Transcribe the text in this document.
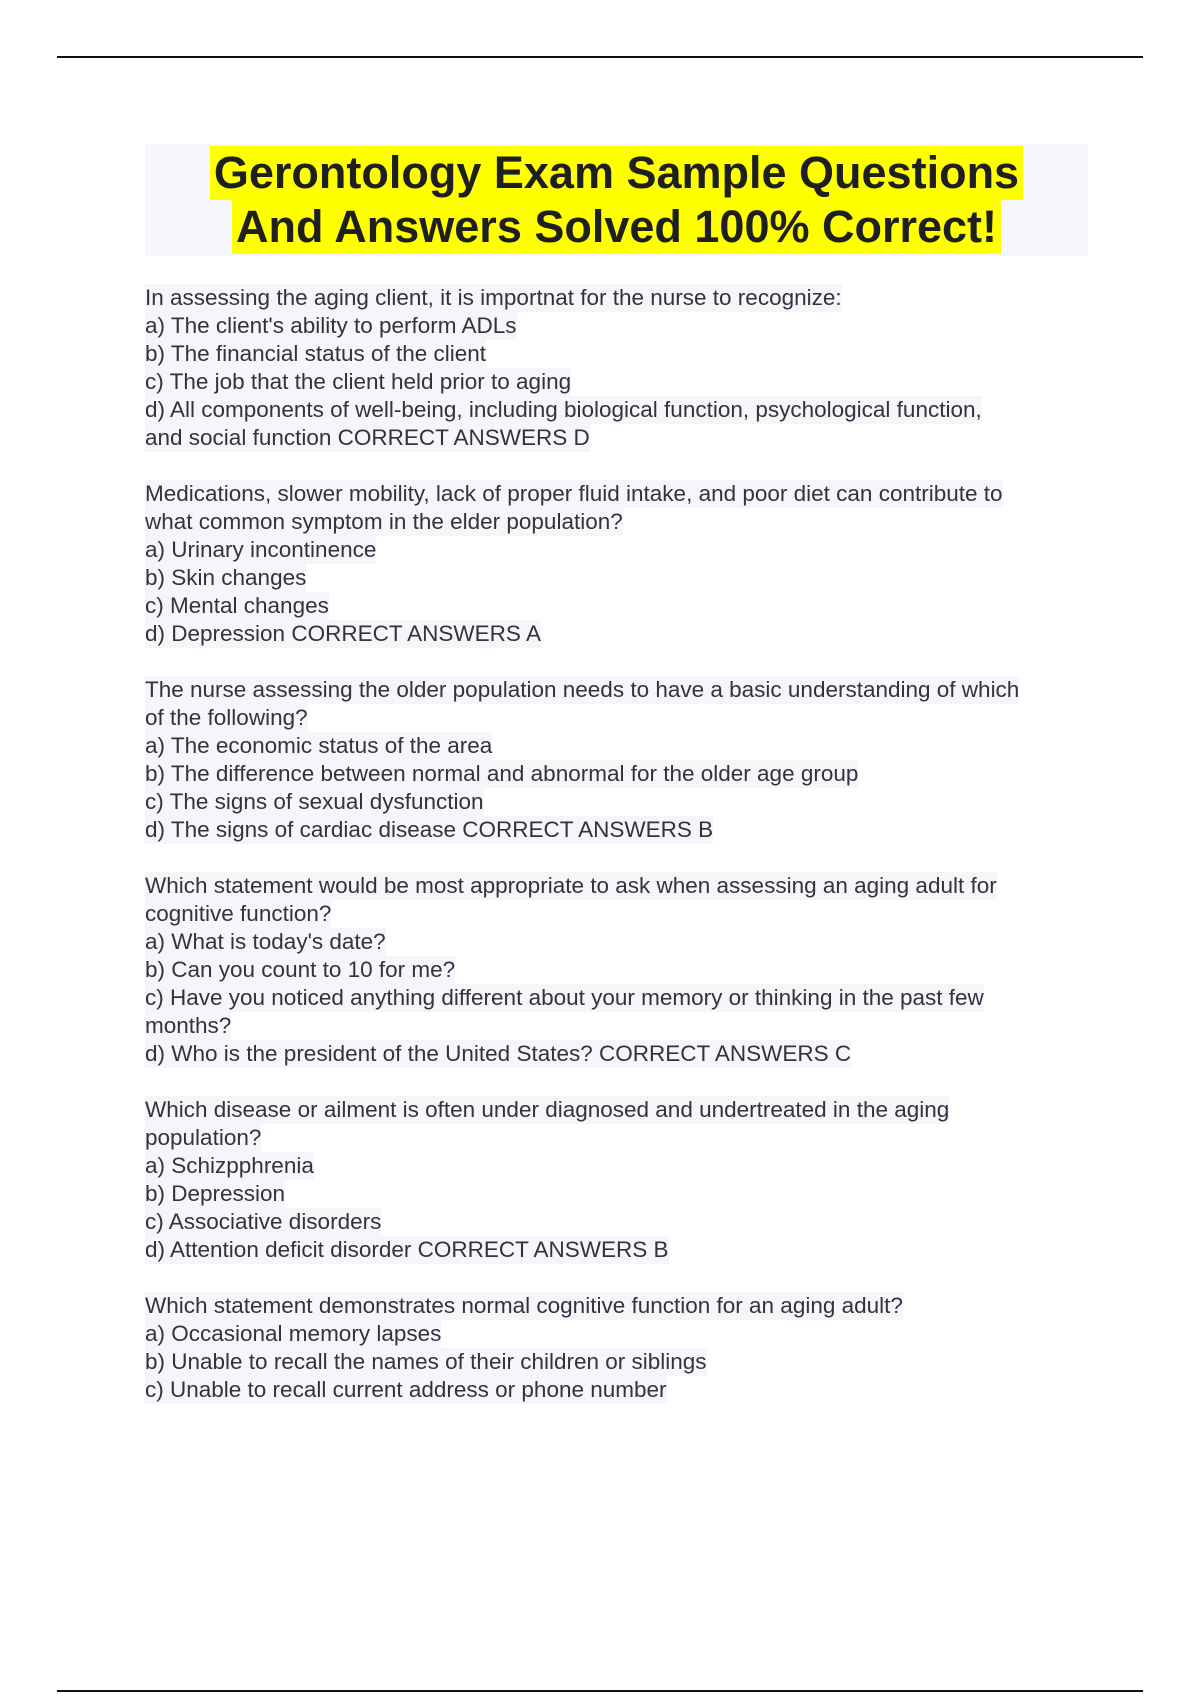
Gerontology Exam Sample Questions
And Answers Solved 100% Correct!
In assessing the aging client, it is importnat for the nurse to recognize:
a) The client's ability to perform ADLs
b) The financial status of the client
c) The job that the client held prior to aging
d) All components of well-being, including biological function, psychological function,
and social function CORRECT ANSWERS D
Medications, slower mobility, lack of proper fluid intake, and poor diet can contribute to
what common symptom in the elder population?
a) Urinary incontinence
b) Skin changes
c) Mental changes
d) Depression CORRECT ANSWERS A
The nurse assessing the older population needs to have a basic understanding of which
of the following?
a) The economic status of the area
b) The difference between normal and abnormal for the older age group
c) The signs of sexual dysfunction
d) The signs of cardiac disease CORRECT ANSWERS B
Which statement would be most appropriate to ask when assessing an aging adult for
cognitive function?
a) What is today's date?
b) Can you count to 10 for me?
c) Have you noticed anything different about your memory or thinking in the past few
months?
d) Who is the president of the United States? CORRECT ANSWERS C
Which disease or ailment is often under diagnosed and undertreated in the aging
population?
a) Schizpphrenia
b) Depression
c) Associative disorders
d) Attention deficit disorder CORRECT ANSWERS B
Which statement demonstrates normal cognitive function for an aging adult?
a) Occasional memory lapses
b) Unable to recall the names of their children or siblings
c) Unable to recall current address or phone number
